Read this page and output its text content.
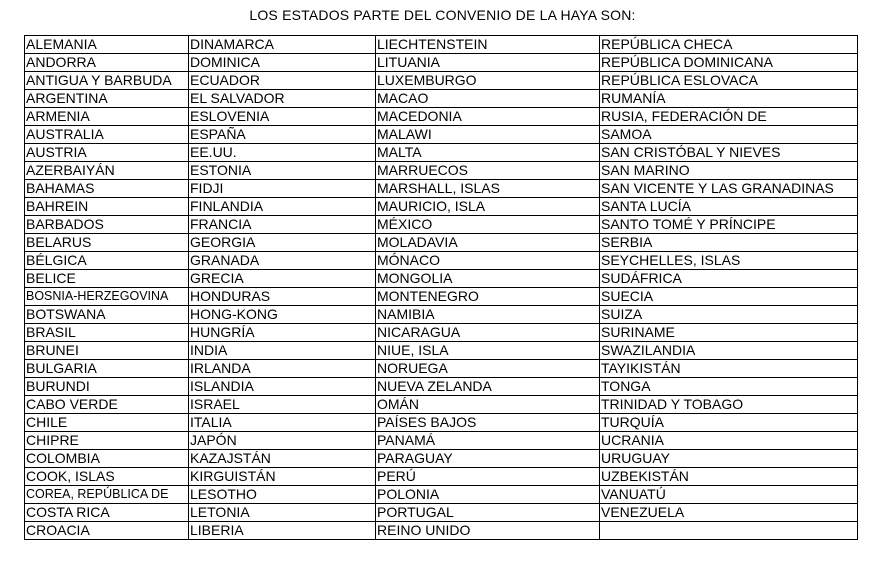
LOS ESTADOS PARTE DEL CONVENIO DE LA HAYA SON:
ALEMANIA	DINAMARCA	LIECHTENSTEIN	REPÚBLICA CHECA
ANDORRA	DOMINICA	LITUANIA	REPÚBLICA DOMINICANA
ANTIGUA Y BARBUDA	ECUADOR	LUXEMBURGO	REPÚBLICA ESLOVACA
ARGENTINA	EL SALVADOR	MACAO	RUMANÍA
ARMENIA	ESLOVENIA	MACEDONIA	RUSIA, FEDERACIÓN DE
AUSTRALIA	ESPAÑA	MALAWI	SAMOA
AUSTRIA	EE.UU.	MALTA	SAN CRISTÓBAL Y NIEVES
AZERBAIYÁN	ESTONIA	MARRUECOS	SAN MARINO
BAHAMAS	FIDJI	MARSHALL, ISLAS	SAN VICENTE Y LAS GRANADINAS
BAHREIN	FINLANDIA	MAURICIO, ISLA	SANTA LUCÍA
BARBADOS	FRANCIA	MÉXICO	SANTO TOMÉ Y PRÍNCIPE
BELARUS	GEORGIA	MOLADAVIA	SERBIA
BÉLGICA	GRANADA	MÓNACO	SEYCHELLES, ISLAS
BELICE	GRECIA	MONGOLIA	SUDÁFRICA
BOSNIA-HERZEGOVINA	HONDURAS	MONTENEGRO	SUECIA
BOTSWANA	HONG-KONG	NAMIBIA	SUIZA
BRASIL	HUNGRÍA	NICARAGUA	SURINAME
BRUNEI	INDIA	NIUE, ISLA	SWAZILANDIA
BULGARIA	IRLANDA	NORUEGA	TAYIKISTÁN
BURUNDI	ISLANDIA	NUEVA ZELANDA	TONGA
CABO VERDE	ISRAEL	OMÁN	TRINIDAD Y TOBAGO
CHILE	ITALIA	PAÍSES BAJOS	TURQUÍA
CHIPRE	JAPÓN	PANAMÁ	UCRANIA
COLOMBIA	KAZAJSTÁN	PARAGUAY	URUGUAY
COOK, ISLAS	KIRGUISTÁN	PERÚ	UZBEKISTÁN
COREA, REPÚBLICA DE	LESOTHO	POLONIA	VANUATÚ
COSTA RICA	LETONIA	PORTUGAL	VENEZUELA
CROACIA	LIBERIA	REINO UNIDO	
